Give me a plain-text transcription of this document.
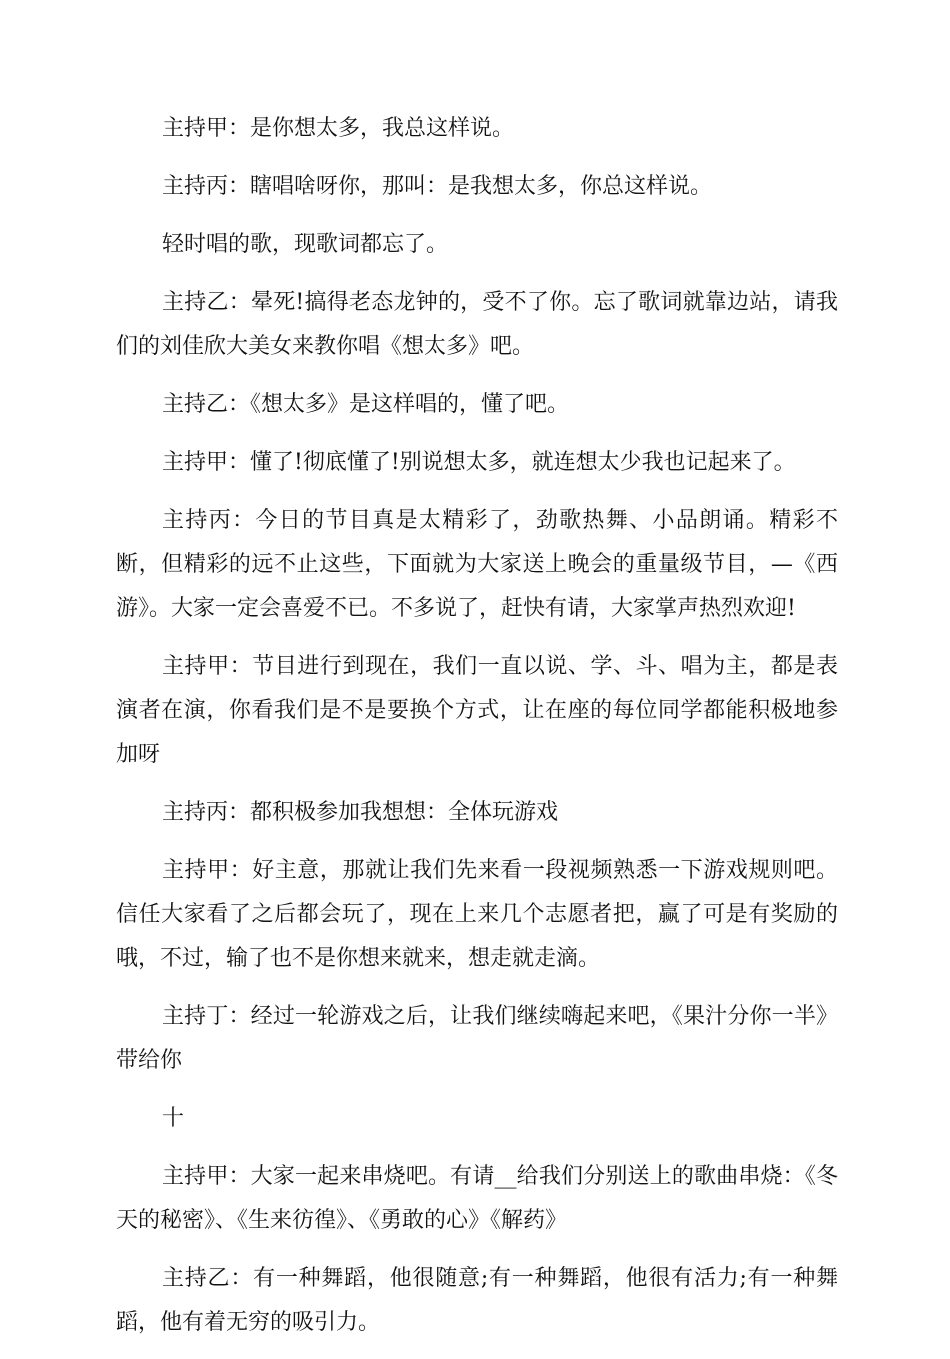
主持甲：是你想太多，我总这样说。

主持丙：瞎唱啥呀你，那叫：是我想太多，你总这样说。

轻时唱的歌，现歌词都忘了。

主持乙：晕死!搞得老态龙钟的，受不了你。忘了歌词就靠边站，请我们的刘佳欣大美女来教你唱《想太多》吧。

主持乙：《想太多》是这样唱的，懂了吧。

主持甲：懂了!彻底懂了!别说想太多，就连想太少我也记起来了。

主持丙：今日的节目真是太精彩了，劲歌热舞、小品朗诵。精彩不断，但精彩的远不止这些，下面就为大家送上晚会的重量级节目，—《西游》。大家一定会喜爱不已。不多说了，赶快有请，大家掌声热烈欢迎!

主持甲：节目进行到现在，我们一直以说、学、斗、唱为主，都是表演者在演，你看我们是不是要换个方式，让在座的每位同学都能积极地参加呀

主持丙：都积极参加我想想：全体玩游戏

主持甲：好主意，那就让我们先来看一段视频熟悉一下游戏规则吧。信任大家看了之后都会玩了，现在上来几个志愿者把，赢了可是有奖励的哦，不过，输了也不是你想来就来，想走就走滴。

主持丁：经过一轮游戏之后，让我们继续嗨起来吧，《果汁分你一半》带给你

十

主持甲：大家一起来串烧吧。有请__给我们分别送上的歌曲串烧：《冬天的秘密》、《生来彷徨》、《勇敢的心》《解药》

主持乙：有一种舞蹈，他很随意;有一种舞蹈，他很有活力;有一种舞蹈，他有着无穷的吸引力。
